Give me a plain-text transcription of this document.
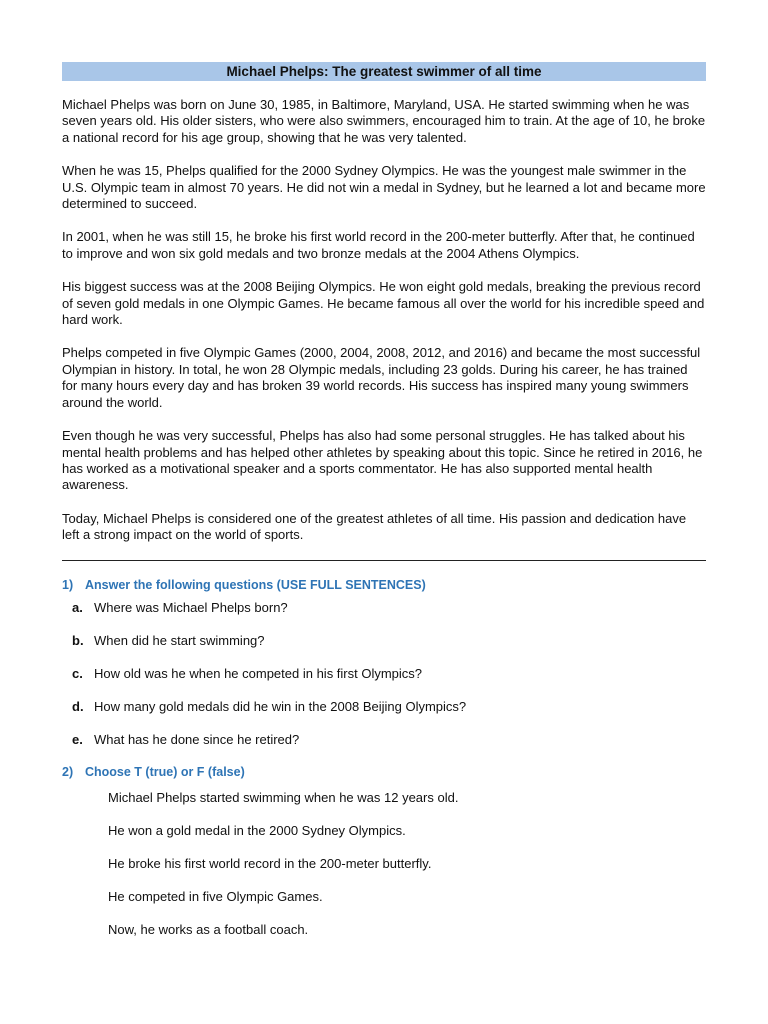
Michael Phelps: The greatest swimmer of all time

Michael Phelps was born on June 30, 1985, in Baltimore, Maryland, USA. He started swimming when he was seven years old. His older sisters, who were also swimmers, encouraged him to train. At the age of 10, he broke a national record for his age group, showing that he was very talented.

When he was 15, Phelps qualified for the 2000 Sydney Olympics. He was the youngest male swimmer in the U.S. Olympic team in almost 70 years. He did not win a medal in Sydney, but he learned a lot and became more determined to succeed.

In 2001, when he was still 15, he broke his first world record in the 200-meter butterfly. After that, he continued to improve and won six gold medals and two bronze medals at the 2004 Athens Olympics.

His biggest success was at the 2008 Beijing Olympics. He won eight gold medals, breaking the previous record of seven gold medals in one Olympic Games. He became famous all over the world for his incredible speed and hard work.

Phelps competed in five Olympic Games (2000, 2004, 2008, 2012, and 2016) and became the most successful Olympian in history. In total, he won 28 Olympic medals, including 23 golds. During his career, he has trained for many hours every day and has broken 39 world records. His success has inspired many young swimmers around the world.

Even though he was very successful, Phelps has also had some personal struggles. He has talked about his mental health problems and has helped other athletes by speaking about this topic. Since he retired in 2016, he has worked as a motivational speaker and a sports commentator. He has also supported mental health awareness.

Today, Michael Phelps is considered one of the greatest athletes of all time. His passion and dedication have left a strong impact on the world of sports.

1) Answer the following questions (USE FULL SENTENCES)
a. Where was Michael Phelps born?
b. When did he start swimming?
c. How old was he when he competed in his first Olympics?
d. How many gold medals did he win in the 2008 Beijing Olympics?
e. What has he done since he retired?
2) Choose T (true) or F (false)
Michael Phelps started swimming when he was 12 years old.
He won a gold medal in the 2000 Sydney Olympics.
He broke his first world record in the 200-meter butterfly.
He competed in five Olympic Games.
Now, he works as a football coach.
